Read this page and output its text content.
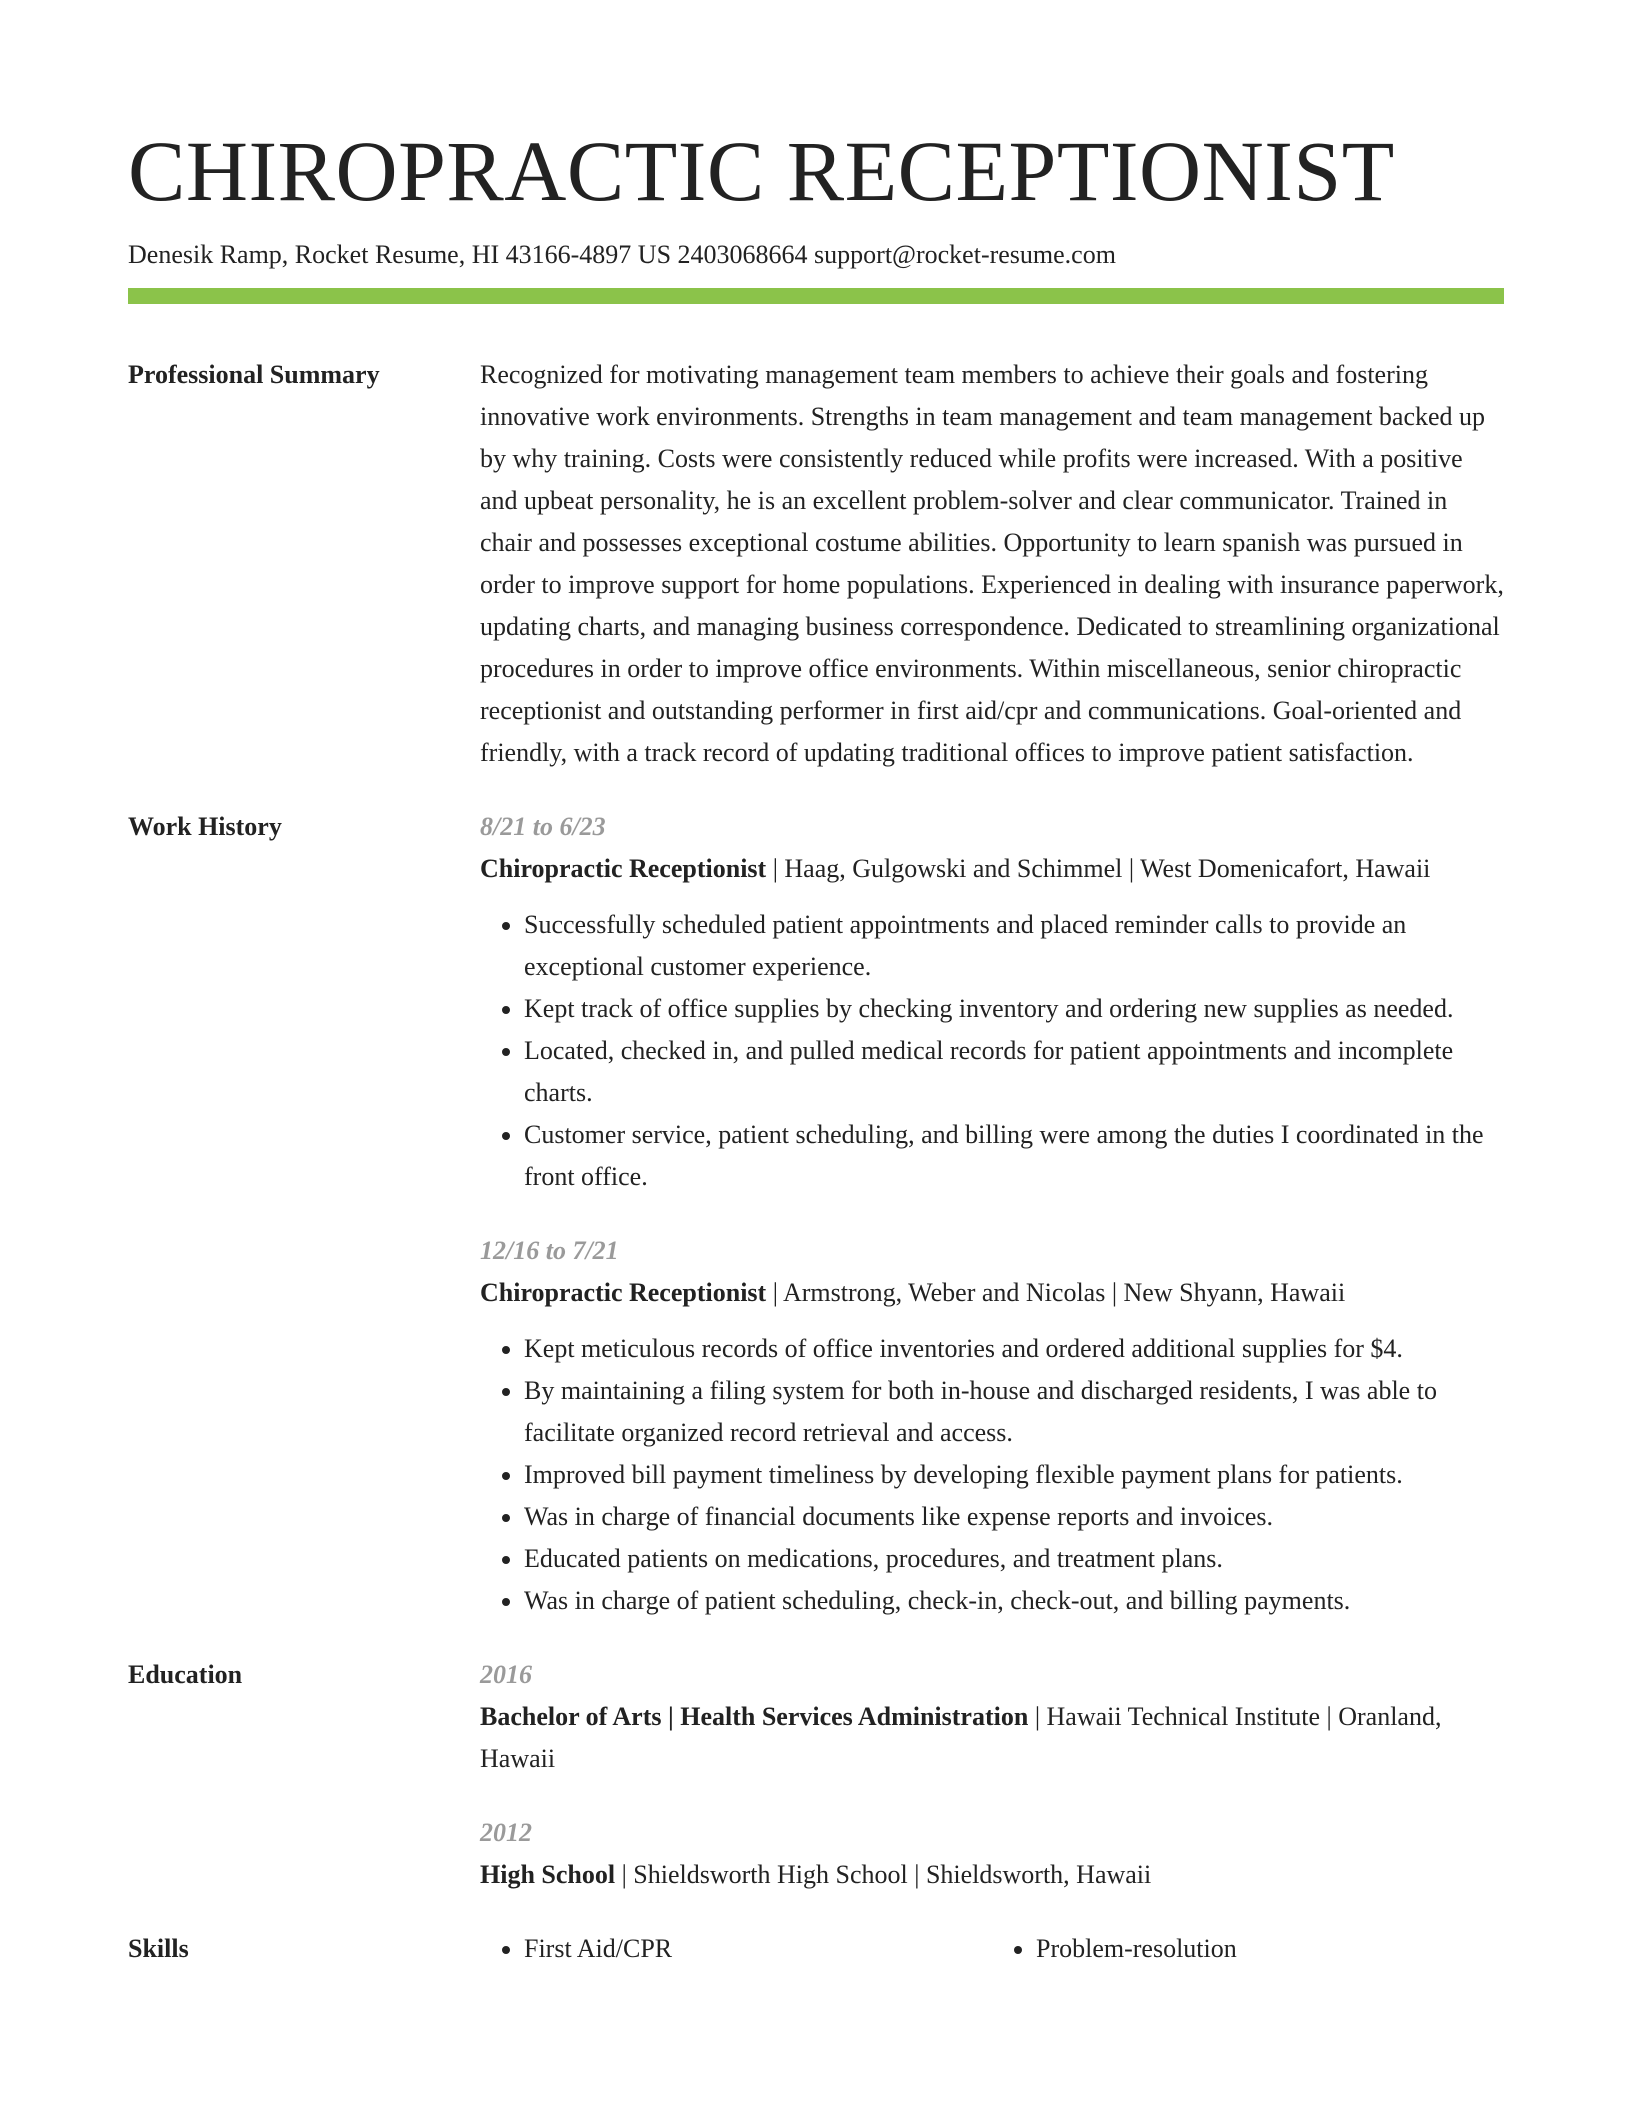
CHIROPRACTIC RECEPTIONIST
Denesik Ramp, Rocket Resume, HI 43166-4897 US 2403068664 support@rocket-resume.com
Professional Summary	Recognized for motivating management team members to achieve their goals and fostering innovative work environments. Strengths in team management and team management backed up by why training. Costs were consistently reduced while profits were increased. With a positive and upbeat personality, he is an excellent problem-solver and clear communicator. Trained in chair and possesses exceptional costume abilities. Opportunity to learn spanish was pursued in order to improve support for home populations. Experienced in dealing with insurance paperwork, updating charts, and managing business correspondence. Dedicated to streamlining organizational procedures in order to improve office environments. Within miscellaneous, senior chiropractic receptionist and outstanding performer in first aid/cpr and communications. Goal-oriented and friendly, with a track record of updating traditional offices to improve patient satisfaction.
Work History	8/21 to 6/23
Chiropractic Receptionist | Haag, Gulgowski and Schimmel | West Domenicafort, Hawaii
• Successfully scheduled patient appointments and placed reminder calls to provide an exceptional customer experience.
• Kept track of office supplies by checking inventory and ordering new supplies as needed.
• Located, checked in, and pulled medical records for patient appointments and incomplete charts.
• Customer service, patient scheduling, and billing were among the duties I coordinated in the front office.
12/16 to 7/21
Chiropractic Receptionist | Armstrong, Weber and Nicolas | New Shyann, Hawaii
• Kept meticulous records of office inventories and ordered additional supplies for $4.
• By maintaining a filing system for both in-house and discharged residents, I was able to facilitate organized record retrieval and access.
• Improved bill payment timeliness by developing flexible payment plans for patients.
• Was in charge of financial documents like expense reports and invoices.
• Educated patients on medications, procedures, and treatment plans.
• Was in charge of patient scheduling, check-in, check-out, and billing payments.
Education	2016
Bachelor of Arts | Health Services Administration | Hawaii Technical Institute | Oranland, Hawaii
2012
High School | Shieldsworth High School | Shieldsworth, Hawaii
Skills	• First Aid/CPR	• Problem-resolution
